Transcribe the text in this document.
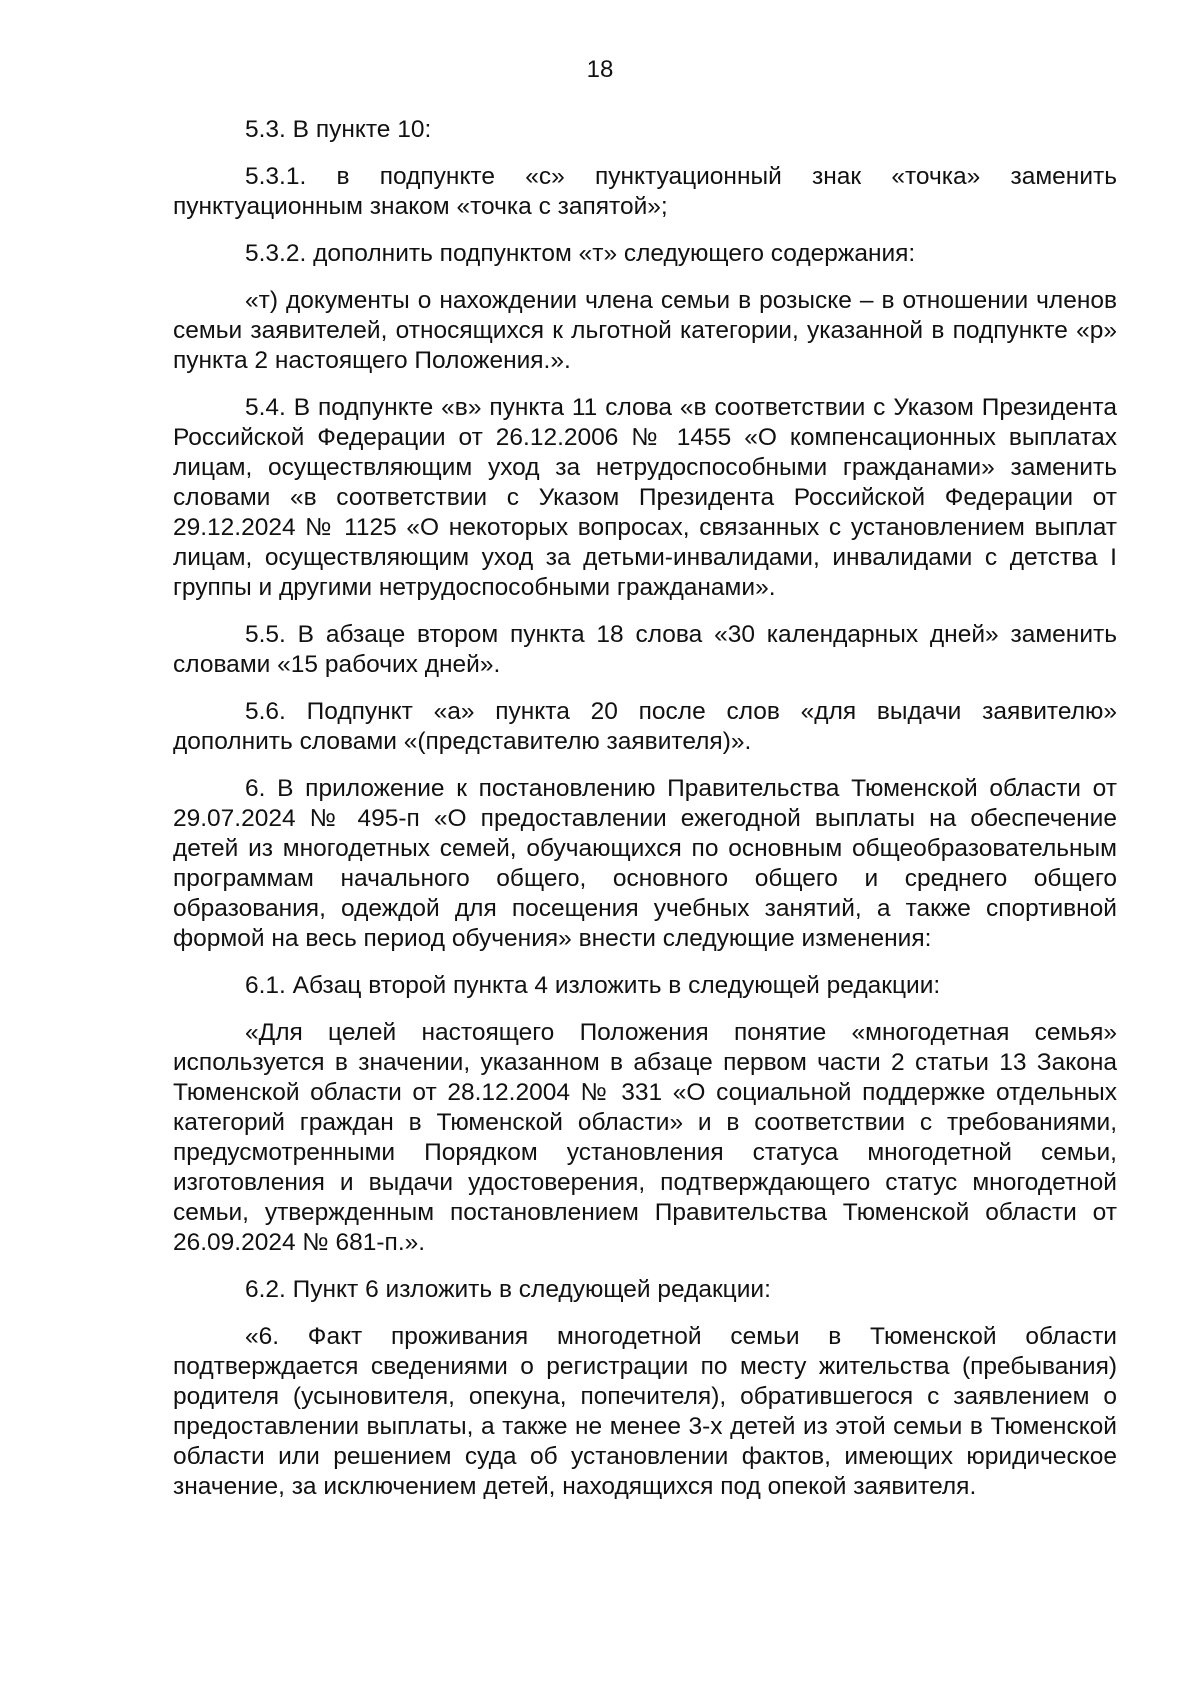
18

5.3. В пункте 10:

5.3.1. в подпункте «с» пунктуационный знак «точка» заменить пунктуационным знаком «точка с запятой»;

5.3.2. дополнить подпунктом «т» следующего содержания:

«т) документы о нахождении члена семьи в розыске – в отношении членов семьи заявителей, относящихся к льготной категории, указанной в подпункте «р» пункта 2 настоящего Положения.».

5.4. В подпункте «в» пункта 11 слова «в соответствии с Указом Президента Российской Федерации от 26.12.2006 № 1455 «О компенсационных выплатах лицам, осуществляющим уход за нетрудоспособными гражданами» заменить словами «в соответствии с Указом Президента Российской Федерации от 29.12.2024 № 1125 «О некоторых вопросах, связанных с установлением выплат лицам, осуществляющим уход за детьми-инвалидами, инвалидами с детства I группы и другими нетрудоспособными гражданами».

5.5. В абзаце втором пункта 18 слова «30 календарных дней» заменить словами «15 рабочих дней».

5.6. Подпункт «а» пункта 20 после слов «для выдачи заявителю» дополнить словами «(представителю заявителя)».

6. В приложение к постановлению Правительства Тюменской области от 29.07.2024 № 495-п «О предоставлении ежегодной выплаты на обеспечение детей из многодетных семей, обучающихся по основным общеобразовательным программам начального общего, основного общего и среднего общего образования, одеждой для посещения учебных занятий, а также спортивной формой на весь период обучения» внести следующие изменения:

6.1. Абзац второй пункта 4 изложить в следующей редакции:

«Для целей настоящего Положения понятие «многодетная семья» используется в значении, указанном в абзаце первом части 2 статьи 13 Закона Тюменской области от 28.12.2004 № 331 «О социальной поддержке отдельных категорий граждан в Тюменской области» и в соответствии с требованиями, предусмотренными Порядком установления статуса многодетной семьи, изготовления и выдачи удостоверения, подтверждающего статус многодетной семьи, утвержденным постановлением Правительства Тюменской области от 26.09.2024 № 681-п.».

6.2. Пункт 6 изложить в следующей редакции:

«6. Факт проживания многодетной семьи в Тюменской области подтверждается сведениями о регистрации по месту жительства (пребывания) родителя (усыновителя, опекуна, попечителя), обратившегося с заявлением о предоставлении выплаты, а также не менее 3-х детей из этой семьи в Тюменской области или решением суда об установлении фактов, имеющих юридическое значение, за исключением детей, находящихся под опекой заявителя.
